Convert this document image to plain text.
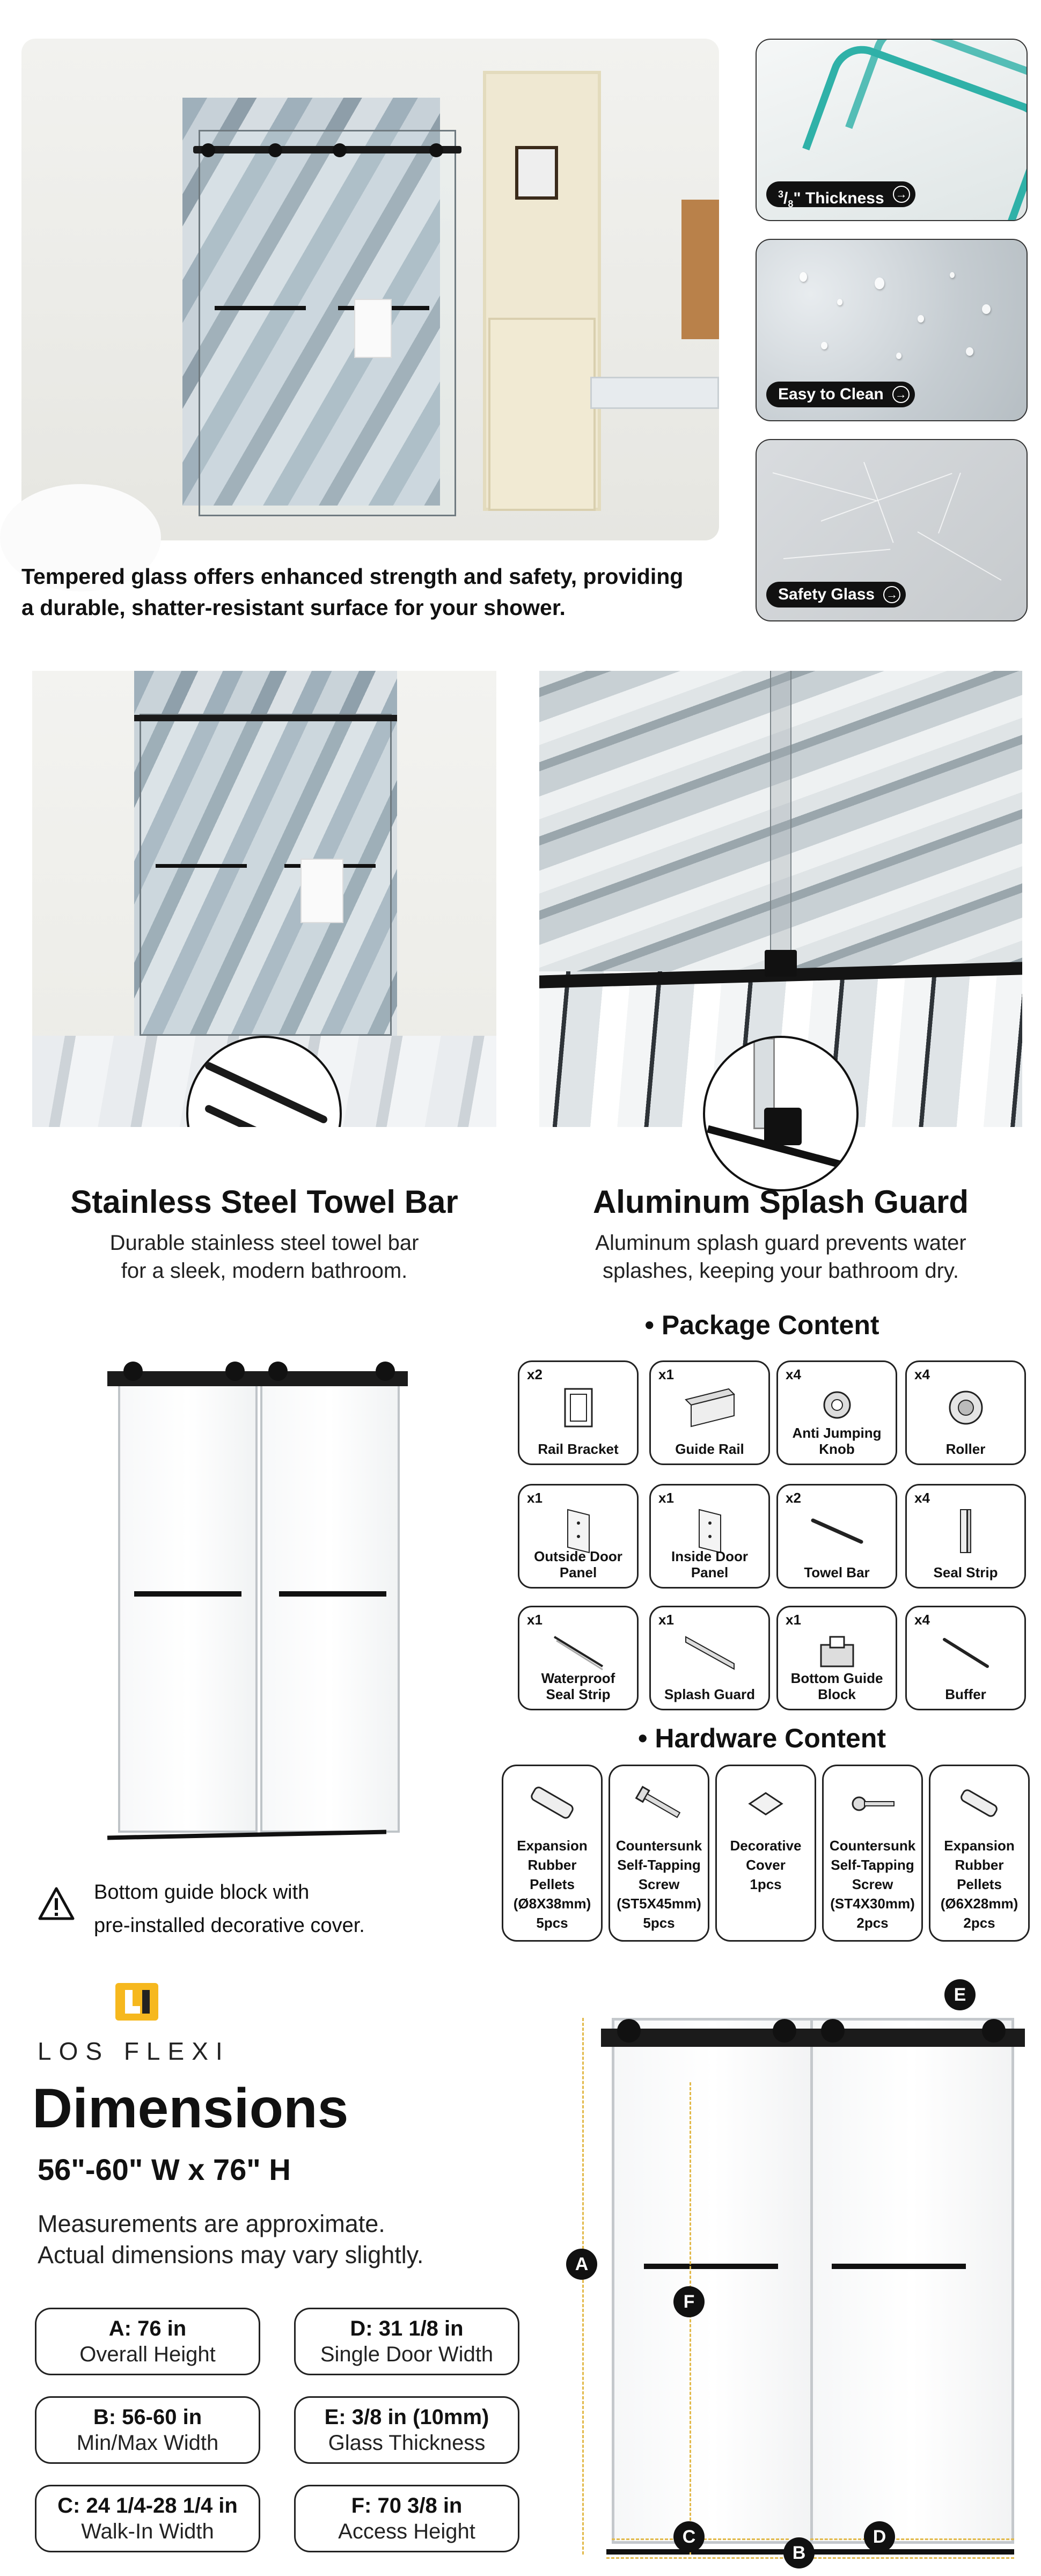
$^3/_8$" Thickness →
Easy to Clean →
Safety Glass →
Tempered glass offers enhanced strength and safety, providing
a durable, shatter-resistant surface for your shower.
Stainless Steel Towel Bar
Durable stainless steel towel bar
for a sleek, modern bathroom.
Aluminum Splash Guard
Aluminum splash guard prevents water
splashes, keeping your bathroom dry.
Bottom guide block with
pre-installed decorative cover.
• Package Content
x2
Rail Bracket
x1
Guide Rail
x4
Anti Jumping
Knob
x4
Roller
x1
Outside Door
Panel
x1
Inside Door
Panel
x2
Towel Bar
x4
Seal Strip
x1
Waterproof
Seal Strip
x1
Splash Guard
x1
Bottom Guide
Block
x4
Buffer
• Hardware Content
Expansion
Rubber
Pellets
(Ø8X38mm)
5pcs
Countersunk
Self-Tapping
Screw
(ST5X45mm)
5pcs
Decorative
Cover
1pcs
Countersunk
Self-Tapping
Screw
(ST4X30mm)
2pcs
Expansion
Rubber
Pellets
(Ø6X28mm)
2pcs
LOS FLEXI
Dimensions
56"-60" W x 76" H
Measurements are approximate.
Actual dimensions may vary slightly.
A: 76 in
Overall Height
D: 31 1/8 in
Single Door Width
B: 56-60 in
Min/Max Width
E: 3/8 in (10mm)
Glass Thickness
C: 24 1/4-28 1/4 in
Walk-In Width
F: 70 3/8 in
Access Height
A
B
C	D
E
F
